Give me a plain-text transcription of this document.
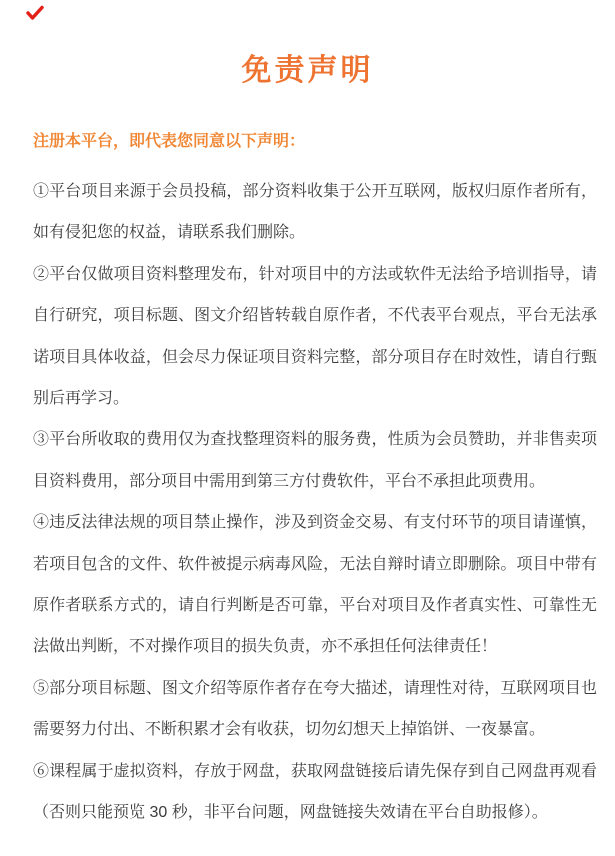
免责声明

注册本平台，即代表您同意以下声明：

①平台项目来源于会员投稿，部分资料收集于公开互联网，版权归原作者所有，
如有侵犯您的权益，请联系我们删除。
②平台仅做项目资料整理发布，针对项目中的方法或软件无法给予培训指导，请
自行研究，项目标题、图文介绍皆转载自原作者，不代表平台观点，平台无法承
诺项目具体收益，但会尽力保证项目资料完整，部分项目存在时效性，请自行甄
别后再学习。
③平台所收取的费用仅为查找整理资料的服务费，性质为会员赞助，并非售卖项
目资料费用，部分项目中需用到第三方付费软件，平台不承担此项费用。
④违反法律法规的项目禁止操作，涉及到资金交易、有支付环节的项目请谨慎，
若项目包含的文件、软件被提示病毒风险，无法自辩时请立即删除。项目中带有
原作者联系方式的，请自行判断是否可靠，平台对项目及作者真实性、可靠性无
法做出判断，不对操作项目的损失负责，亦不承担任何法律责任！
⑤部分项目标题、图文介绍等原作者存在夸大描述，请理性对待，互联网项目也
需要努力付出、不断积累才会有收获，切勿幻想天上掉馅饼、一夜暴富。
⑥课程属于虚拟资料，存放于网盘，获取网盘链接后请先保存到自己网盘再观看
（否则只能预览 30 秒，非平台问题，网盘链接失效请在平台自助报修）。
